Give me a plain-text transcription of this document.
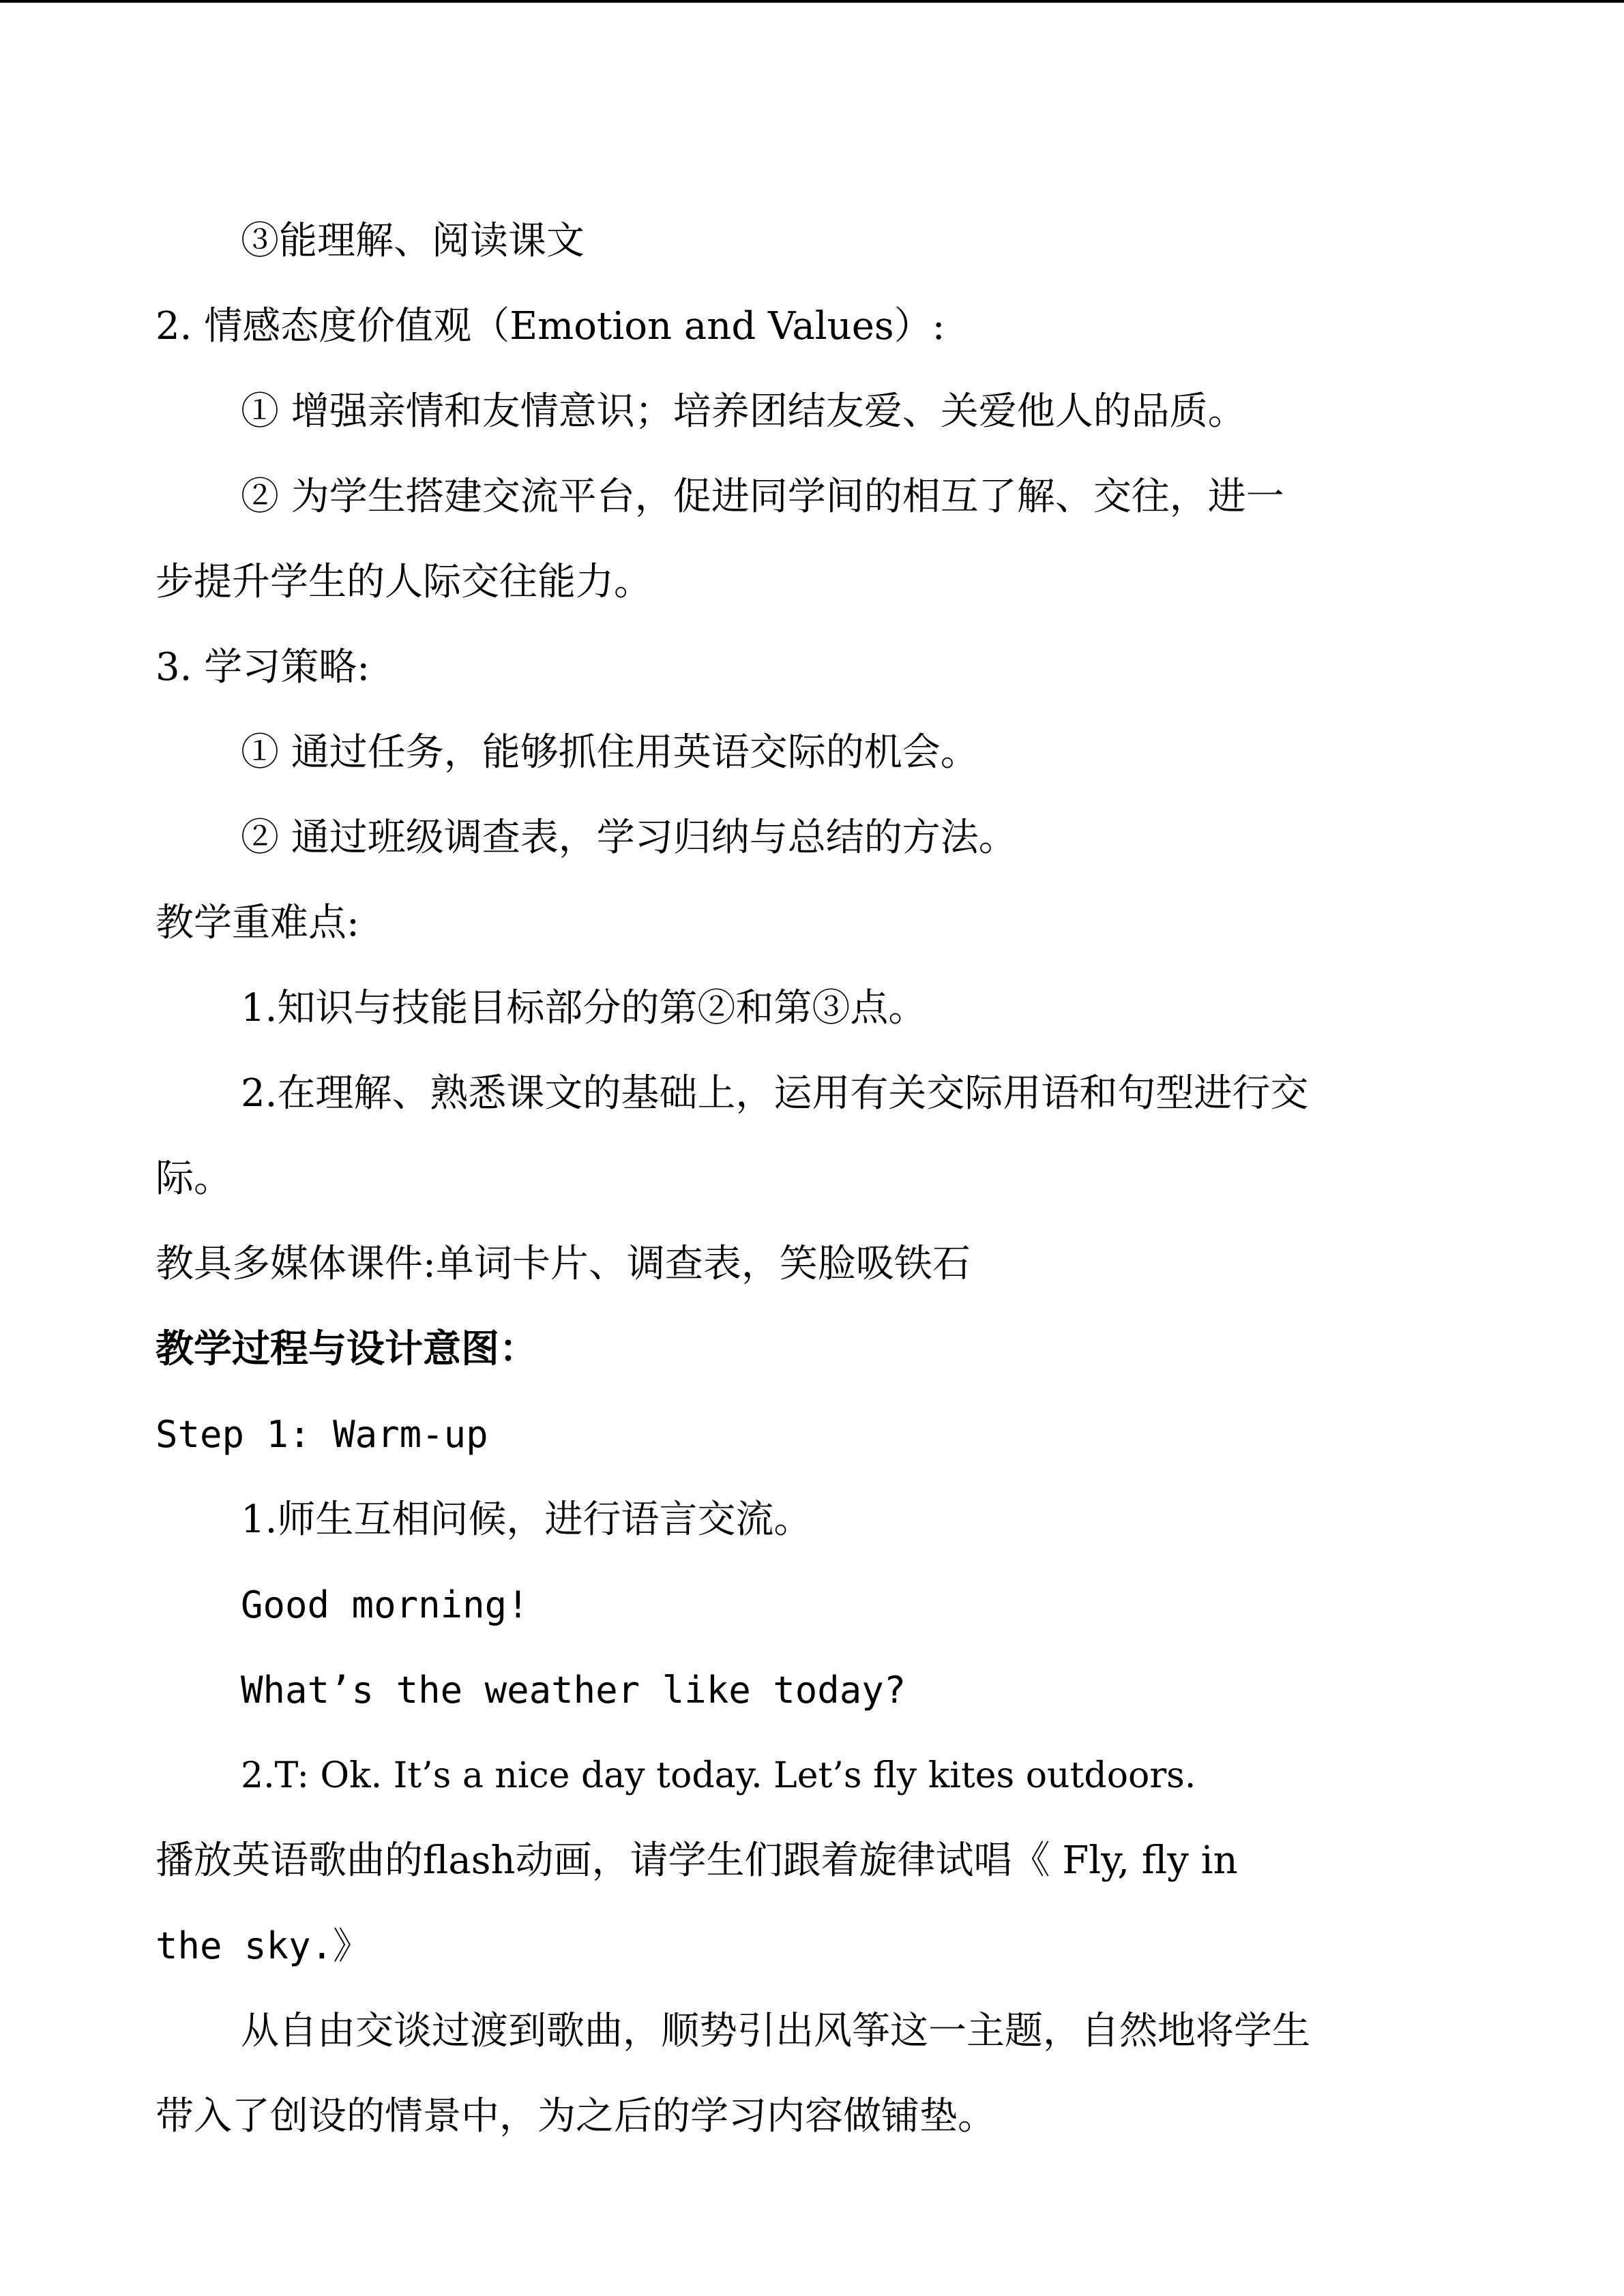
③能理解、阅读课文
2. 情感态度价值观（Emotion and Values）:
① 增强亲情和友情意识；培养团结友爱、关爱他人的品质。
② 为学生搭建交流平台，促进同学间的相互了解、交往，进一
步提升学生的人际交往能力。
3. 学习策略:
① 通过任务，能够抓住用英语交际的机会。
② 通过班级调查表，学习归纳与总结的方法。
教学重难点:
1.知识与技能目标部分的第②和第③点。
2.在理解、熟悉课文的基础上，运用有关交际用语和句型进行交
际。
教具多媒体课件:单词卡片、调查表，笑脸吸铁石
教学过程与设计意图：
Step 1: Warm-up
1.师生互相问候，进行语言交流。
Good morning!
What’s the weather like today?
2.T: Ok. It’s a nice day today. Let’s fly kites outdoors.
播放英语歌曲的flash动画，请学生们跟着旋律试唱《 Fly, fly in
the sky.》
从自由交谈过渡到歌曲，顺势引出风筝这一主题，自然地将学生
带入了创设的情景中，为之后的学习内容做铺垫。
